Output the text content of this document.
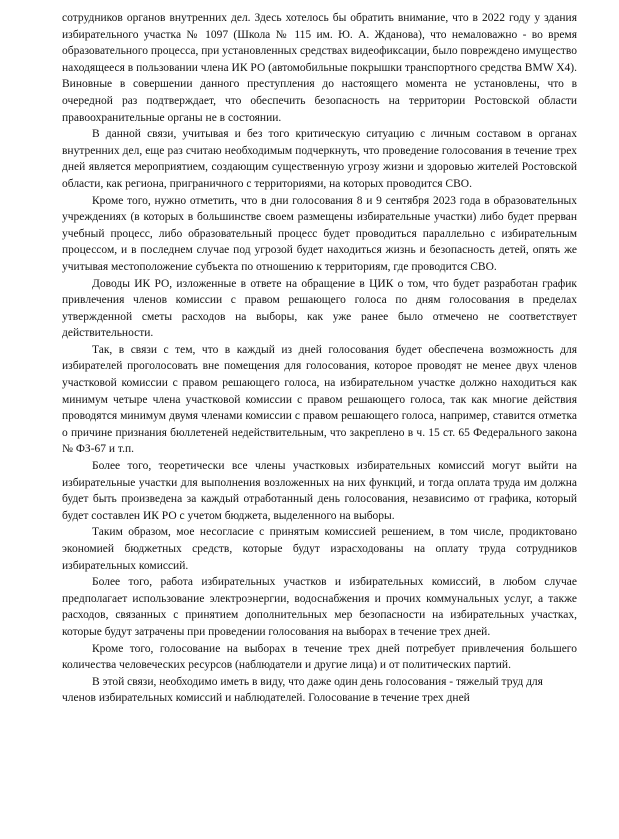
сотрудников органов внутренних дел. Здесь хотелось бы обратить внимание, что в 2022 году у здания избирательного участка № 1097 (Школа № 115 им. Ю. А. Жданова), что немаловажно - во время образовательного процесса, при установленных средствах видеофиксации, было повреждено имущество находящееся в пользовании члена ИК РО (автомобильные покрышки транспортного средства BMW X4). Виновные в совершении данного преступления до настоящего момента не установлены, что в очередной раз подтверждает, что обеспечить безопасность на территории Ростовской области правоохранительные органы не в состоянии.

В данной связи, учитывая и без того критическую ситуацию с личным составом в органах внутренних дел, еще раз считаю необходимым подчеркнуть, что проведение голосования в течение трех дней является мероприятием, создающим существенную угрозу жизни и здоровью жителей Ростовской области, как региона, приграничного с территориями, на которых проводится СВО.

Кроме того, нужно отметить, что в дни голосования 8 и 9 сентября 2023 года в образовательных учреждениях (в которых в большинстве своем размещены избирательные участки) либо будет прерван учебный процесс, либо образовательный процесс будет проводиться параллельно с избирательным процессом, и в последнем случае под угрозой будет находиться жизнь и безопасность детей, опять же учитывая местоположение субъекта по отношению к территориям, где проводится СВО.

Доводы ИК РО, изложенные в ответе на обращение в ЦИК о том, что будет разработан график привлечения членов комиссии с правом решающего голоса по дням голосования в пределах утвержденной сметы расходов на выборы, как уже ранее было отмечено не соответствует действительности.

Так, в связи с тем, что в каждый из дней голосования будет обеспечена возможность для избирателей проголосовать вне помещения для голосования, которое проводят не менее двух членов участковой комиссии с правом решающего голоса, на избирательном участке должно находиться как минимум четыре члена участковой комиссии с правом решающего голоса, так как многие действия проводятся минимум двумя членами комиссии с правом решающего голоса, например, ставится отметка о причине признания бюллетеней недействительным, что закреплено в ч. 15 ст. 65 Федерального закона № ФЗ-67 и т.п.

Более того, теоретически все члены участковых избирательных комиссий могут выйти на избирательные участки для выполнения возложенных на них функций, и тогда оплата труда им должна будет быть произведена за каждый отработанный день голосования, независимо от графика, который будет составлен ИК РО с учетом бюджета, выделенного на выборы.

Таким образом, мое несогласие с принятым комиссией решением, в том числе, продиктовано экономией бюджетных средств, которые будут израсходованы на оплату труда сотрудников избирательных комиссий.

Более того, работа избирательных участков и избирательных комиссий, в любом случае предполагает использование электроэнергии, водоснабжения и прочих коммунальных услуг, а также расходов, связанных с принятием дополнительных мер безопасности на избирательных участках, которые будут затрачены при проведении голосования на выборах в течение трех дней.

Кроме того, голосование на выборах в течение трех дней потребует привлечения большего количества человеческих ресурсов (наблюдатели и другие лица) и от политических партий.

В этой связи, необходимо иметь в виду, что даже один день голосования - тяжелый труд для членов избирательных комиссий и наблюдателей. Голосование в течение трех дней
